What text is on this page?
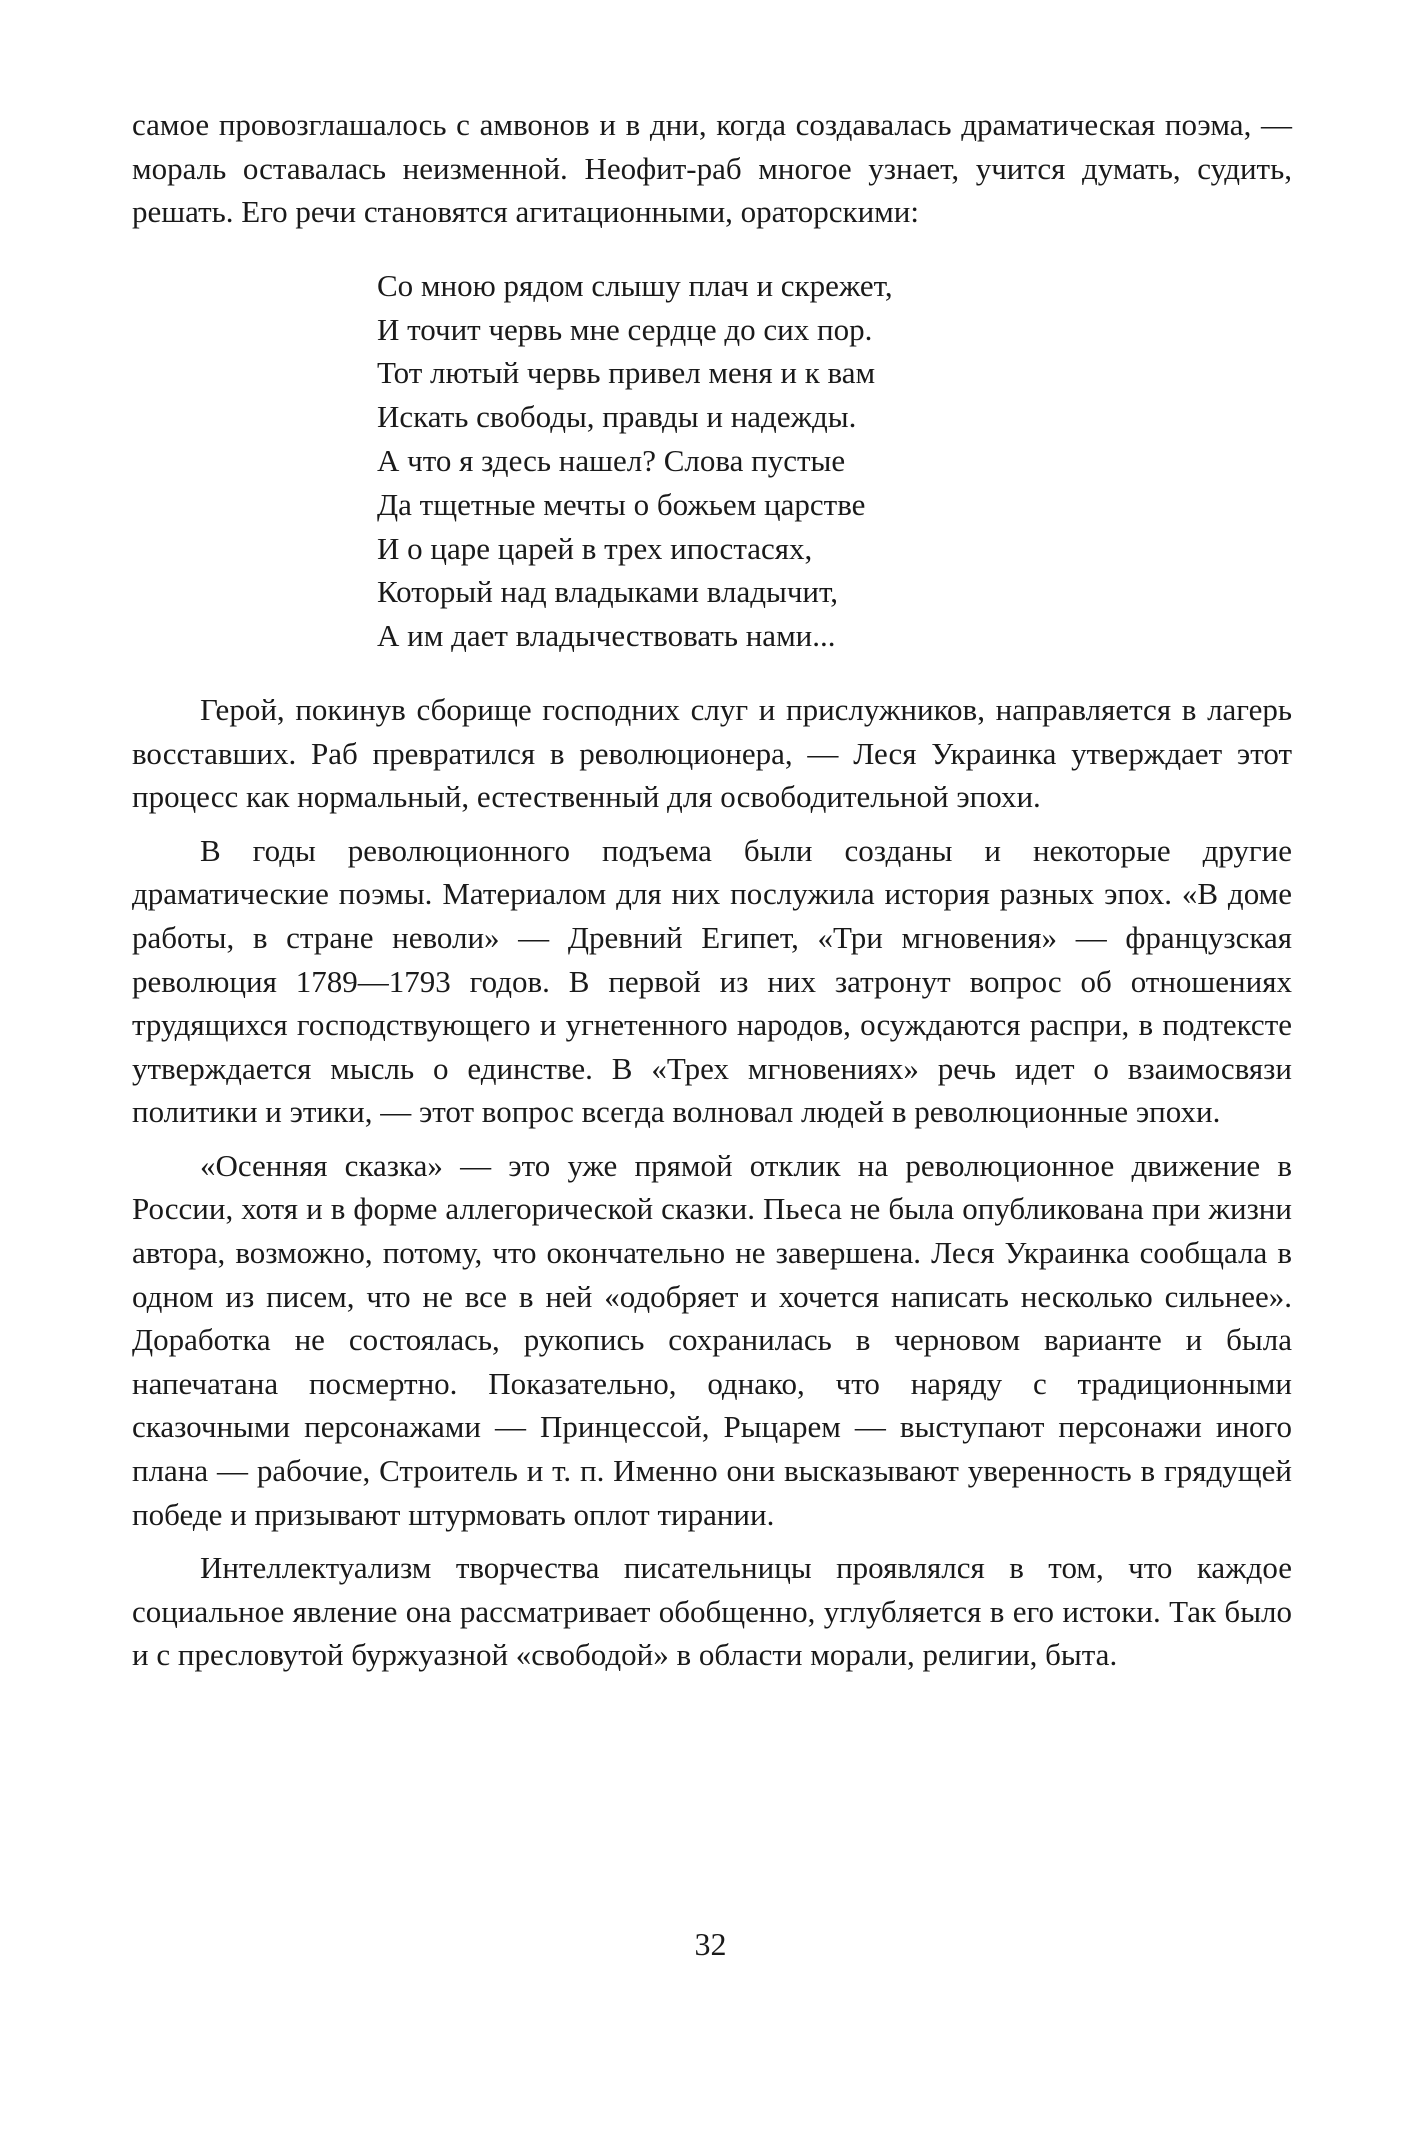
самое провозглашалось с амвонов и в дни, когда создавалась драматическая поэма, — мораль оставалась неизменной. Неофит-раб многое узнает, учится думать, судить, решать. Его речи становятся агитационными, ораторскими:

Со мною рядом слышу плач и скрежет,
И точит червь мне сердце до сих пор.
Тот лютый червь привел меня и к вам
Искать свободы, правды и надежды.
А что я здесь нашел? Слова пустые
Да тщетные мечты о божьем царстве
И о царе царей в трех ипостасях,
Который над владыками владычит,
А им дает владычествовать нами...

Герой, покинув сборище господних слуг и прислужников, направляется в лагерь восставших. Раб превратился в революционера, — Леся Украинка утверждает этот процесс как нормальный, естественный для освободительной эпохи.

В годы революционного подъема были созданы и некоторые другие драматические поэмы. Материалом для них послужила история разных эпох. «В доме работы, в стране неволи» — Древний Египет, «Три мгновения» — французская революция 1789—1793 годов. В первой из них затронут вопрос об отношениях трудящихся господствующего и угнетенного народов, осуждаются распри, в подтексте утверждается мысль о единстве. В «Трех мгновениях» речь идет о взаимосвязи политики и этики, — этот вопрос всегда волновал людей в революционные эпохи.

«Осенняя сказка» — это уже прямой отклик на революционное движение в России, хотя и в форме аллегорической сказки. Пьеса не была опубликована при жизни автора, возможно, потому, что окончательно не завершена. Леся Украинка сообщала в одном из писем, что не все в ней «одобряет и хочется написать несколько сильнее». Доработка не состоялась, рукопись сохранилась в черновом варианте и была напечатана посмертно. Показательно, однако, что наряду с традиционными сказочными персонажами — Принцессой, Рыцарем — выступают персонажи иного плана — рабочие, Строитель и т. п. Именно они высказывают уверенность в грядущей победе и призывают штурмовать оплот тирании.

Интеллектуализм творчества писательницы проявлялся в том, что каждое социальное явление она рассматривает обобщенно, углубляется в его истоки. Так было и с пресловутой буржуазной «свободой» в области морали, религии, быта.

32
